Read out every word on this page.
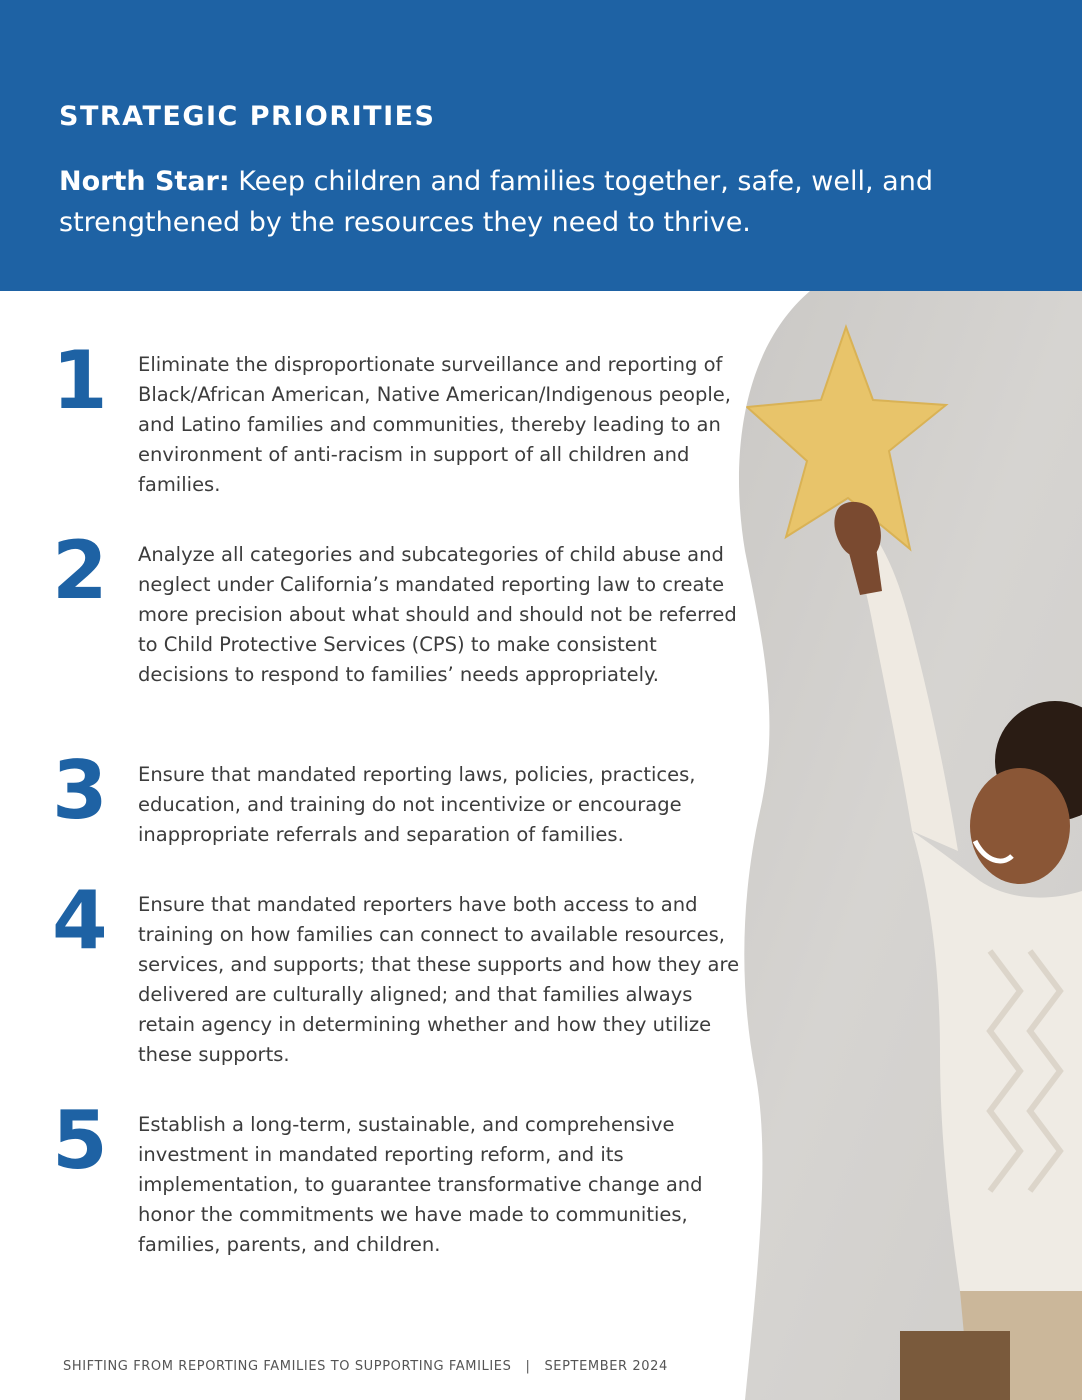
STRATEGIC PRIORITIES

North Star: Keep children and families together, safe, well, and strengthened by the resources they need to thrive.

1	Eliminate the disproportionate surveillance and reporting of Black/African American, Native American/Indigenous people, and Latino families and communities, thereby leading to an environment of anti-racism in support of all children and families.

2	Analyze all categories and subcategories of child abuse and neglect under California’s mandated reporting law to create more precision about what should and should not be referred to Child Protective Services (CPS) to make consistent decisions to respond to families’ needs appropriately.

3	Ensure that mandated reporting laws, policies, practices, education, and training do not incentivize or encourage inappropriate referrals and separation of families.

4	Ensure that mandated reporters have both access to and training on how families can connect to available resources, services, and supports; that these supports and how they are delivered are culturally aligned; and that families always retain agency in determining whether and how they utilize these supports.

5	Establish a long-term, sustainable, and comprehensive investment in mandated reporting reform, and its implementation, to guarantee transformative change and honor the commitments we have made to communities, families, parents, and children.

SHIFTING FROM REPORTING FAMILIES TO SUPPORTING FAMILIES | SEPTEMBER 2024
